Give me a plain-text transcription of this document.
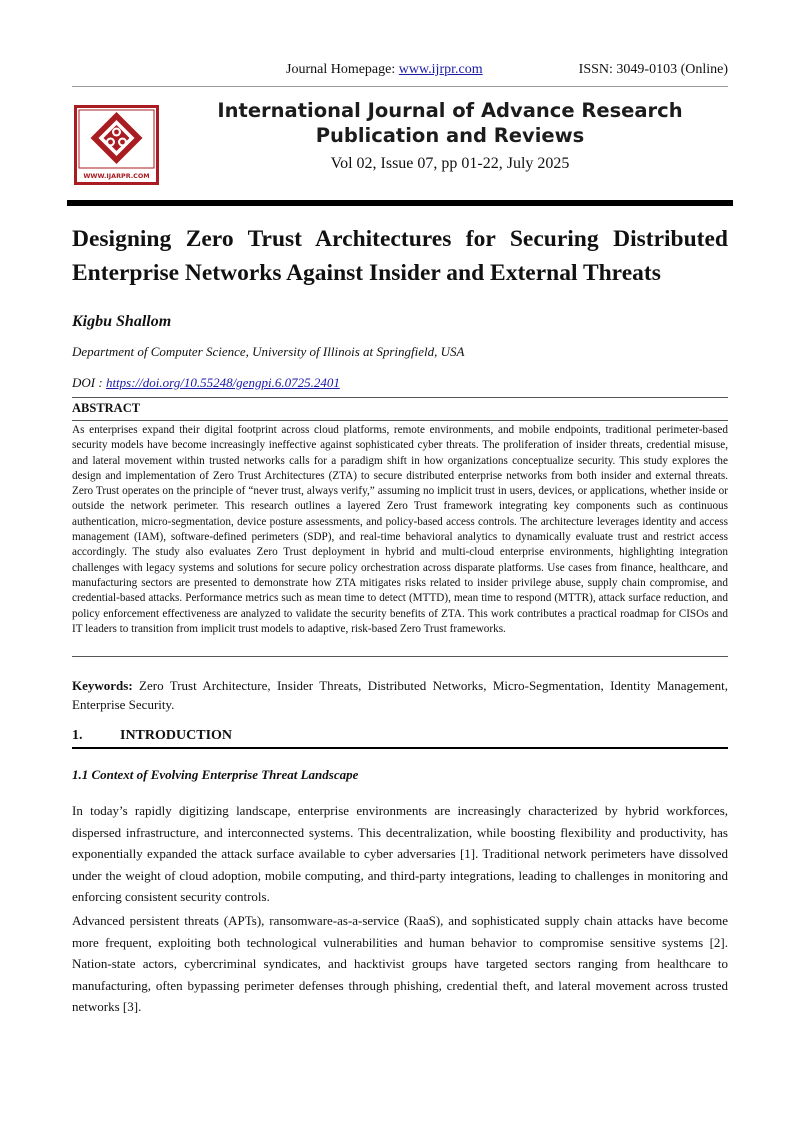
Journal Homepage: www.ijrpr.com	ISSN: 3049-0103 (Online)
WWW.IJARPR.COM
International Journal of Advance Research Publication and Reviews
Vol 02, Issue 07, pp 01-22, July 2025
Designing Zero Trust Architectures for Securing Distributed Enterprise Networks Against Insider and External Threats
Kigbu Shallom
Department of Computer Science, University of Illinois at Springfield, USA
DOI : https://doi.org/10.55248/gengpi.6.0725.2401
ABSTRACT
As enterprises expand their digital footprint across cloud platforms, remote environments, and mobile endpoints, traditional perimeter-based security models have become increasingly ineffective against sophisticated cyber threats. The proliferation of insider threats, credential misuse, and lateral movement within trusted networks calls for a paradigm shift in how organizations conceptualize security. This study explores the design and implementation of Zero Trust Architectures (ZTA) to secure distributed enterprise networks from both insider and external threats. Zero Trust operates on the principle of “never trust, always verify,” assuming no implicit trust in users, devices, or applications, whether inside or outside the network perimeter. This research outlines a layered Zero Trust framework integrating key components such as continuous authentication, micro-segmentation, device posture assessments, and policy-based access controls. The architecture leverages identity and access management (IAM), software-defined perimeters (SDP), and real-time behavioral analytics to dynamically evaluate trust and restrict access accordingly. The study also evaluates Zero Trust deployment in hybrid and multi-cloud enterprise environments, highlighting integration challenges with legacy systems and solutions for secure policy orchestration across disparate platforms. Use cases from finance, healthcare, and manufacturing sectors are presented to demonstrate how ZTA mitigates risks related to insider privilege abuse, supply chain compromise, and credential-based attacks. Performance metrics such as mean time to detect (MTTD), mean time to respond (MTTR), attack surface reduction, and policy enforcement effectiveness are analyzed to validate the security benefits of ZTA. This work contributes a practical roadmap for CISOs and IT leaders to transition from implicit trust models to adaptive, risk-based Zero Trust frameworks.
Keywords: Zero Trust Architecture, Insider Threats, Distributed Networks, Micro-Segmentation, Identity Management, Enterprise Security.
1.	INTRODUCTION
1.1 Context of Evolving Enterprise Threat Landscape
In today’s rapidly digitizing landscape, enterprise environments are increasingly characterized by hybrid workforces, dispersed infrastructure, and interconnected systems. This decentralization, while boosting flexibility and productivity, has exponentially expanded the attack surface available to cyber adversaries [1]. Traditional network perimeters have dissolved under the weight of cloud adoption, mobile computing, and third-party integrations, leading to challenges in monitoring and enforcing consistent security controls.
Advanced persistent threats (APTs), ransomware-as-a-service (RaaS), and sophisticated supply chain attacks have become more frequent, exploiting both technological vulnerabilities and human behavior to compromise sensitive systems [2]. Nation-state actors, cybercriminal syndicates, and hacktivist groups have targeted sectors ranging from healthcare to manufacturing, often bypassing perimeter defenses through phishing, credential theft, and lateral movement across trusted networks [3].
